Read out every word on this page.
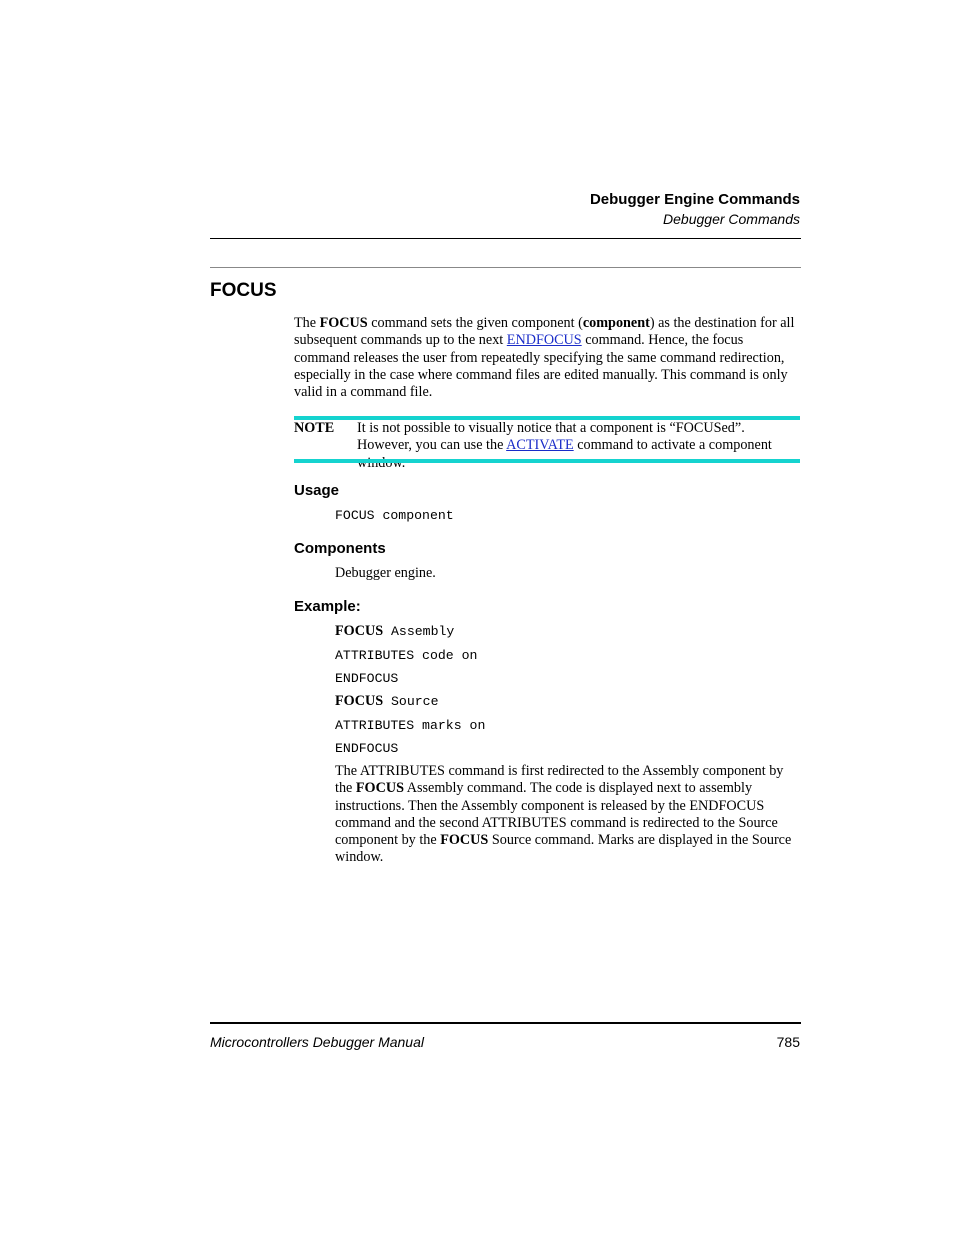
Debugger Engine Commands
Debugger Commands
FOCUS
The FOCUS command sets the given component (component) as the destination for all subsequent commands up to the next ENDFOCUS command. Hence, the focus command releases the user from repeatedly specifying the same command redirection, especially in the case where command files are edited manually. This command is only valid in a command file.
NOTE It is not possible to visually notice that a component is “FOCUSed”. However, you can use the ACTIVATE command to activate a component
Usage
FOCUS component
Components
Debugger engine.
Example:
FOCUS Assembly
ATTRIBUTES code on
ENDFOCUS
FOCUS Source
ATTRIBUTES marks on
ENDFOCUS
The ATTRIBUTES command is first redirected to the Assembly component by the FOCUS Assembly command. The code is displayed next to assembly instructions. Then the Assembly component is released by the ENDFOCUS command and the second ATTRIBUTES command is redirected to the Source component by the FOCUS Source command. Marks are displayed in the Source window.
Microcontrollers Debugger Manual	785
